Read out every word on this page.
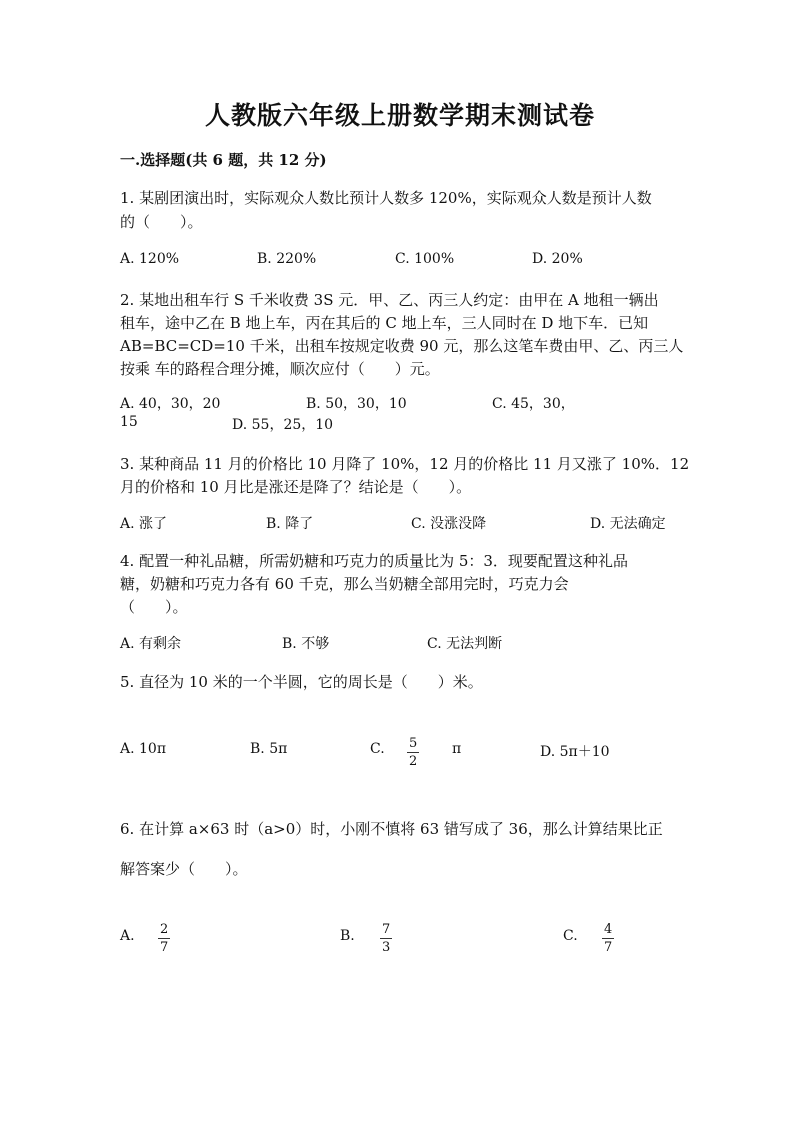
人教版六年级上册数学期末测试卷
一.选择题(共 6 题，共 12 分)
1. 某剧团演出时，实际观众人数比预计人数多 120%，实际观众人数是预计人数
的（　　）。
A. 120%	B. 220%	C. 100%	D. 20%
2. 某地出租车行 S 千米收费 3S 元．甲、乙、丙三人约定：由甲在 A 地租一辆出
租车，途中乙在 B 地上车，丙在其后的 C 地上车，三人同时在 D 地下车．已知
AB=BC=CD=10 千米，出租车按规定收费 90 元，那么这笔车费由甲、乙、丙三人
按乘 车的路程合理分摊，顺次应付（　　）元。
A. 40，30，20	B. 50，30，10	C. 45，30，
15	D. 55，25，10
3. 某种商品 11 月的价格比 10 月降了 10%，12 月的价格比 11 月又涨了 10%．12
月的价格和 10 月比是涨还是降了？结论是（　　）。
A. 涨了	B. 降了	C. 没涨没降	D. 无法确定
4. 配置一种礼品糖，所需奶糖和巧克力的质量比为 5：3．现要配置这种礼品
糖，奶糖和巧克力各有 60 千克，那么当奶糖全部用完时，巧克力会
（　　）。
A. 有剩余	B. 不够	C. 无法判断
5. 直径为 10 米的一个半圆，它的周长是（　　）米。
A. 10π	B. 5π	C. $\frac{5}{2}$ π	D. 5π＋10
6. 在计算 a×63 时（a>0）时，小刚不慎将 63 错写成了 36，那么计算结果比正
解答案少（　　）。
A. $\frac{2}{7}$	B. $\frac{7}{3}$	C. $\frac{4}{7}$
